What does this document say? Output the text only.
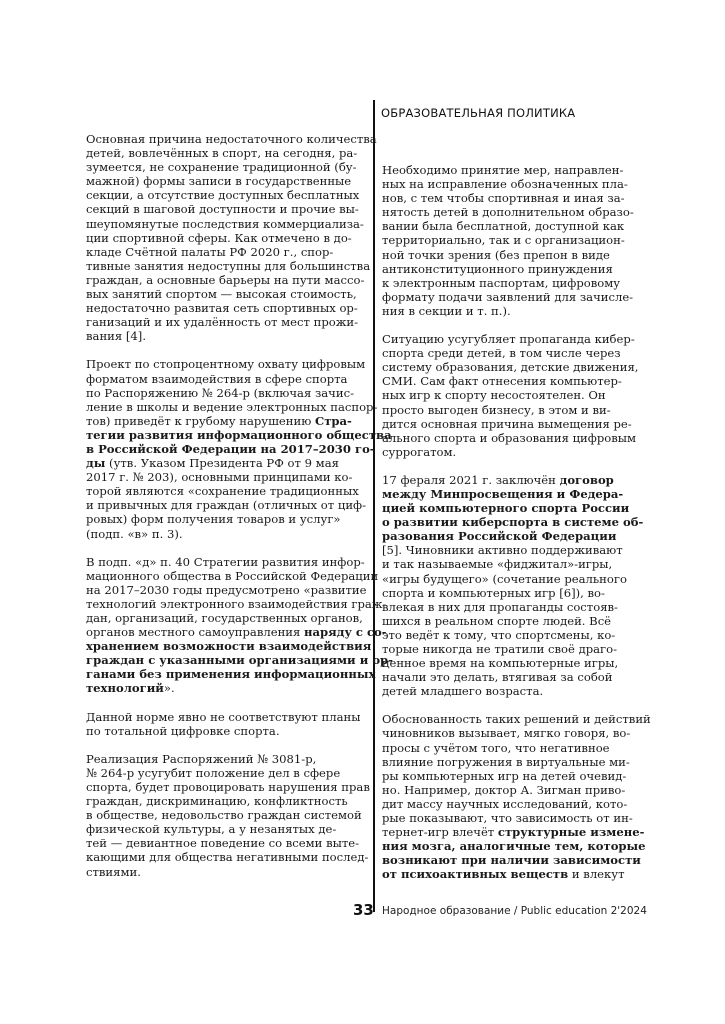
ОБРАЗОВАТЕЛЬНАЯ ПОЛИТИКА
Основная причина недостаточного количества
детей, вовлечённых в спорт, на сегодня, ра-
зумеется, не сохранение традиционной (бу-
мажной) формы записи в государственные
секции, а отсутствие доступных бесплатных
секций в шаговой доступности и прочие вы-
шеупомянутые последствия коммерциализа-
ции спортивной сферы. Как отмечено в до-
кладе Счётной палаты РФ 2020 г., спор-
тивные занятия недоступны для большинства
граждан, а основные барьеры на пути массо-
вых занятий спортом — высокая стоимость,
недостаточно развитая сеть спортивных ор-
ганизаций и их удалённость от мест прожи-
вания [4].
Проект по стопроцентному охвату цифровым
форматом взаимодействия в сфере спорта
по Распоряжению № 264-р (включая зачис-
ление в школы и ведение электронных паспор-
тов) приведёт к грубому нарушению Стра-
тегии развития информационного общества
в Российской Федерации на 2017–2030 го-
ды (утв. Указом Президента РФ от 9 мая
2017 г. № 203), основными принципами ко-
торой являются «сохранение традиционных
и привычных для граждан (отличных от циф-
ровых) форм получения товаров и услуг»
(подп. «в» п. 3).
В подп. «д» п. 40 Стратегии развития инфор-
мационного общества в Российской Федерации
на 2017–2030 годы предусмотрено «развитие
технологий электронного взаимодействия граж-
дан, организаций, государственных органов,
органов местного самоуправления наряду с со-
хранением возможности взаимодействия
граждан с указанными организациями и ор-
ганами без применения информационных
технологий».
Данной норме явно не соответствуют планы
по тотальной цифровке спорта.
Реализация Распоряжений № 3081-р,
№ 264-р усугубит положение дел в сфере
спорта, будет провоцировать нарушения прав
граждан, дискриминацию, конфликтность
в обществе, недовольство граждан системой
физической культуры, а у незанятых де-
тей — девиантное поведение со всеми выте-
кающими для общества негативными послед-
ствиями.
Необходимо принятие мер, направлен-
ных на исправление обозначенных пла-
нов, с тем чтобы спортивная и иная за-
нятость детей в дополнительном образо-
вании была бесплатной, доступной как
территориально, так и с организацион-
ной точки зрения (без препон в виде
антиконституционного принуждения
к электронным паспортам, цифровому
формату подачи заявлений для зачисле-
ния в секции и т. п.).
Ситуацию усугубляет пропаганда кибер-
спорта среди детей, в том числе через
систему образования, детские движения,
СМИ. Сам факт отнесения компьютер-
ных игр к спорту несостоятелен. Он
просто выгоден бизнесу, в этом и ви-
дится основная причина вымещения ре-
ального спорта и образования цифровым
суррогатом.
17 фераля 2021 г. заключён договор
между Минпросвещения и Федера-
цией компьютерного спорта России
о развитии киберспорта в системе об-
разования Российской Федерации
[5]. Чиновники активно поддерживают
и так называемые «фиджитал»-игры,
«игры будущего» (сочетание реального
спорта и компьютерных игр [6]), во-
влекая в них для пропаганды состояв-
шихся в реальном спорте людей. Всё
это ведёт к тому, что спортсмены, ко-
торые никогда не тратили своё драго-
ценное время на компьютерные игры,
начали это делать, втягивая за собой
детей младшего возраста.
Обоснованность таких решений и действий
чиновников вызывает, мягко говоря, во-
просы с учётом того, что негативное
влияние погружения в виртуальные ми-
ры компьютерных игр на детей очевид-
но. Например, доктор А. Зигман приво-
дит массу научных исследований, кото-
рые показывают, что зависимость от ин-
тернет-игр влечёт структурные измене-
ния мозга, аналогичные тем, которые
возникают при наличии зависимости
от психоактивных веществ и влекут
33 Народное образование / Public education 2'2024
